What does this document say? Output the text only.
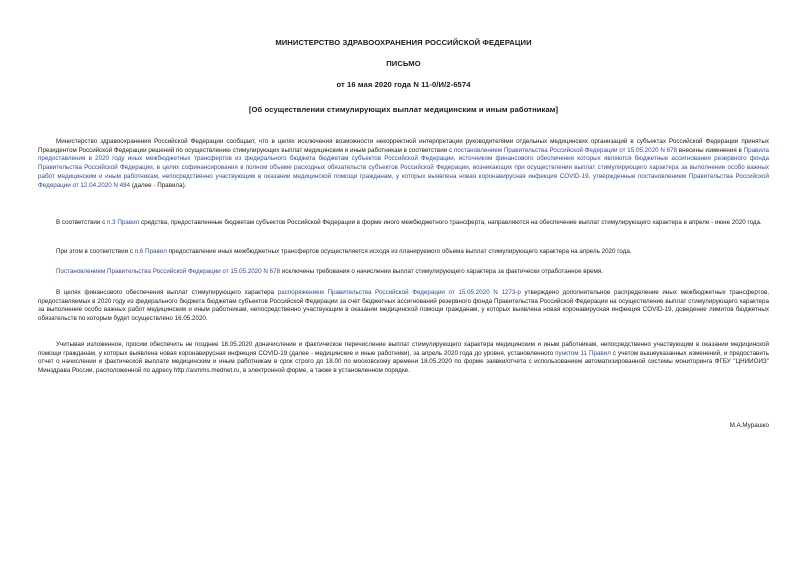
МИНИСТЕРСТВО ЗДРАВООХРАНЕНИЯ РОССИЙСКОЙ ФЕДЕРАЦИИ
ПИСЬМО
от 16 мая 2020 года N 11-0/И/2-6574
[Об осуществлении стимулирующих выплат медицинским и иным работникам]
Министерство здравоохранения Российской Федерации сообщает, что в целях исключения возможности некорректной интерпретации руководителями отдельных медицинских организаций в субъектах Российской Федерации принятых Президентом Российской Федерации решений по осуществлению стимулирующих выплат медицинским и иным работникам в соответствии с постановлением Правительства Российской Федерации от 15.05.2020 N 678 внесены изменения в Правила предоставления в 2020 году иных межбюджетных трансфертов из федерального бюджета бюджетам субъектов Российской Федерации, источником финансового обеспечения которых являются бюджетные ассигнования резервного фонда Правительства Российской Федерации, в целях софинансирования в полном объеме расходных обязательств субъектов Российской Федерации, возникающих при осуществлении выплат стимулирующего характера за выполнение особо важных работ медицинским и иным работникам, непосредственно участвующим в оказании медицинской помощи гражданам, у которых выявлена новая коронавирусная инфекция COVID-19, утвержденные постановлением Правительства Российской Федерации от 12.04.2020 N 484 (далее - Правила).
В соответствии с п.3 Правил средства, предоставленные бюджетам субъектов Российской Федерации в форме иного межбюджетного трансферта, направляются на обеспечение выплат стимулирующего характера в апреле - июне 2020 года.
При этом в соответствии с п.6 Правил предоставление иных межбюджетных трансфертов осуществляется исходя из планируемого объема выплат стимулирующего характера на апрель 2020 года.
Постановлением Правительства Российской Федерации от 15.05.2020 N 678 исключены требования о начислении выплат стимулирующего характера за фактически отработанное время.
В целях финансового обеспечения выплат стимулирующего характера распоряжением Правительства Российской Федерации от 15.05.2020 N 1273-р утверждено дополнительное распределение иных межбюджетных трансфертов, предоставляемых в 2020 году из федерального бюджета бюджетам субъектов Российской Федерации за счет бюджетных ассигнований резервного фонда Правительства Российской Федерации на осуществление выплат стимулирующего характера за выполнение особо важных работ медицинским и иным работникам, непосредственно участвующим в оказании медицинской помощи гражданам, у которых выявлена новая коронавирусная инфекция COVID-19, доведение лимитов бюджетных обязательств по которым будет осуществлено 16.05.2020.
Учитывая изложенное, просим обеспечить не позднее 18.05.2020 доначисление и фактическое перечисление выплат стимулирующего характера медицинским и иным работникам, непосредственно участвующим в оказании медицинской помощи гражданам, у которых выявлена новая коронавирусная инфекция COVID-19 (далее - медицинские и иные работники), за апрель 2020 года до уровня, установленного пунктом 11 Правил с учетом вышеуказанных изменений, и предоставить отчет о начислении и фактической выплате медицинским и иным работникам в срок строго до 18.00 по московскому времени 18.05.2020 по форме заявки/отчета с использованием автоматизированной системы мониторинга ФГБУ "ЦНИИОИЗ" Минздрава России, расположенной по адресу http://asmms.mednet.ru, в электронной форме, а также в установленном порядке.
М.А.Мурашко
